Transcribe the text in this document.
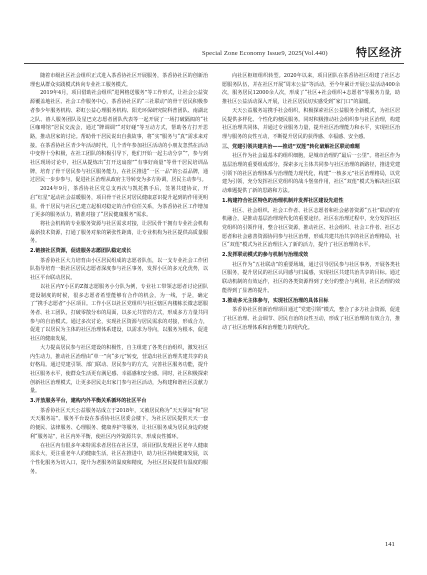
Special Zone Economy Issue9, 2025(Vol.440)	特区经济

随着市级社区社会组织正式进入茶香协社区开展服务，茶香协社区的创新治理也从群众实践模式转向专业社工服务模式。

2019年4月，项目借助社会组织“进网格送服务”等工作形式，让社会公益资源覆盖地社区、社会工作服务中心，茶香协社区的“三社联动”的骨干居民积极参者参少年服务机构、彩虹公益心理服务机构、阳光环保研究院科普团队、南湖北之队、禧人服务团队及星巴克志愿者团队代表等一起开展了一场打破隔阂的“社区咖啡馆”居民交流会，通过“牌调调”“对好碰”等互动方式，帮助各方打开思路，推动居家的讨论。帮助骨干居民说出自我故事，将“实”服务与“真”需求来对接。在茶香协社区青少年活动时代，几个青年参加社区活动的小朋友忽然在活动中变得十分积极，在社工团队的积极引导下，他们开始一起主动分享“”，参与到社区现场讨论中，社区从提炼出“打开这扇窗”“有事好商量”等骨干居民培训品牌，培育了骨干居民参与社区服务能力，在社区推进“一区一品”的公益品牌，通过居民一步步参与，促进社区治理从政府主导转变为多方协调，居民主动参与。

2024年9月，茶香协社区党总支再次与凯托携手后，签署共建协议，开启“红星”起动社会益暖服务，项目骨干社区对居民健康意识提升起到的作用更明显，骨干居民与社区已建立起相对稳定的合作信任关系，为茶香协社区工作增加了更多的服务活力，精准对接了“居民健康服务”需求。

将社会机构的专业服务资源与社区需求对接，让居民骨干拥有专业社会机构最新技术资源，打通了服务对象的紧张性距离，让专业机构为社区提供高质量服务。

2.链接社区资源，促进服务志愿团队稳定成长

茶香协社区大力培育由小区居民组成的志愿者队伍，以一支专业社会工作团队指导培育一批社区居民志愿者深度参与社区事务，发挥小区的多元化优势，以社区平台联动居民。

以社区内Y小区的Z微志愿服务小分队为例，专业社工带领志愿者讨论团队建设制度的时候，很多志愿者希望能够有合作的机会，为一线，于是，确定了“携手志愿者”小区项目。工作小区以社区党组织与社区辖区内楼栋长微志愿服务者、社工团队，打破零散分布的局面，以多元共管的方式，形成多方力量共同参与的自治模式。通过多次讨论，实现社区资源与居民需求的对接，形成合力，促进了以居民为主体的社区治理体系建设，以需求为导向，以服务为根本，促进社区的健康发展。

大力提高居民参与社区建设的积极性，自主组建了各类自治组织，激发社区内生动力，推动社区治理由“单一”向“多元”转变，营造出社区治理共建共享的良好格局。通过党建引领、部门联动、居民参与的方式，完善社区服务功能，提升社区服务水平，使群众生活更有满足感、幸福感和安全感。同时，社区积极探索创新社区治理模式，让更多居民走出家门参与社区活动，为构建和谐社区贡献力量。

3.开放服务平台，建构内外平衡关系循环的社区平台

茶香协社区天天公益服务站成立于2018年，又被居民称为“天天驿站”和“居天天服务站”。服务平台设在茶香协社区居委会楼下，为社区居民提供天天一套的便民、法律服务、心理服务、健康养护等服务，让社区服务成为居民身边的便利“服务站”，社区内外平衡，使社区内外资源共享，形成良性循环。

在社区内有很多年来特需求者居住在社区里，项目团队发现社区老年人健康需求大，更注重老年人的健康生活，社区在推进中，助力社区持续健康发展，以个性化服务为切入口，提升为老服务的温度和精度，为社区居民提供有温度的服务。

向社区枢纽组织转型。2020年以来，项目团队在茶香协社区组建了社区志愿服务队伍，并在社区开展“周末公益”等活动，至今年累计开展公益活动400余次，服务居民12000余人次，形成了“社区+社会组织+志愿者”等服务力量，助推社区公益活动深入开展，让社区居民切实感受到“家门口”的温暖。

天天公益服务站携手社会组织，积极探索社区公益服务全新模式，为社区居民提供多样化、个性化的便民服务。同时积极推动社会组织参与社区治理，构建社区治理共同体，并通过专业服务力量，提升社区治理能力和水平，实现社区治理与服务的良性互动，不断提升居民的获得感、幸福感、安全感。

三、党建引领共建共治——推进“双莲”转化破解社区联动难题

社区作为社会最基本的组织细胞，是城市治理的“最后一公里”。将社区作为基层治理的重要组成部分，探索多元主体共同参与社区治理的新路径，推进党建引领下的社区治理体系与治理能力现代化，构建“一核多元”社区治理格局，以党建为引领，充分发挥社区党组织的战斗堡垒作用，社区“双莲”模式为解决社区联动难题提供了新的思路和方法。

1.构建符合社区特色的治理机制并发挥社区建设先进性

社区、社会组织、社会工作者、社区志愿者和社会慈善资源“五社”联动的有机融合，是推动基层治理现代化的重要途径。社区在治理过程中，充分发挥社区党组织的引领作用，整合社区资源，推动社区、社会组织、社会工作者、社区志愿者和社会慈善资源协同参与社区治理，形成共建共治共享的社区治理格局，社区“双莲”模式为社区治理注入了新的活力，提升了社区治理的水平。

2.发挥联动模式的参与机制与治理成效

社区作为“五社联动”的重要场域，通过引导居民参与社区事务，开展各类社区服务，提升居民的社区认同感与归属感，实现社区共建共治共享的目标。通过联动机制的有效运作，社区的各类资源得到了充分的整合与利用，社区治理的效能得到了显著的提升。

3.推动多元主体参与，实现社区治理的具体目标

茶香协社区创新治理项目通过“党建引领”模式，整合了多方社会资源，促进了社区治理、社会调节、居民自治的良性互动，形成了社区治理的有效合力，推动了社区治理体系和治理能力的现代化。

141
